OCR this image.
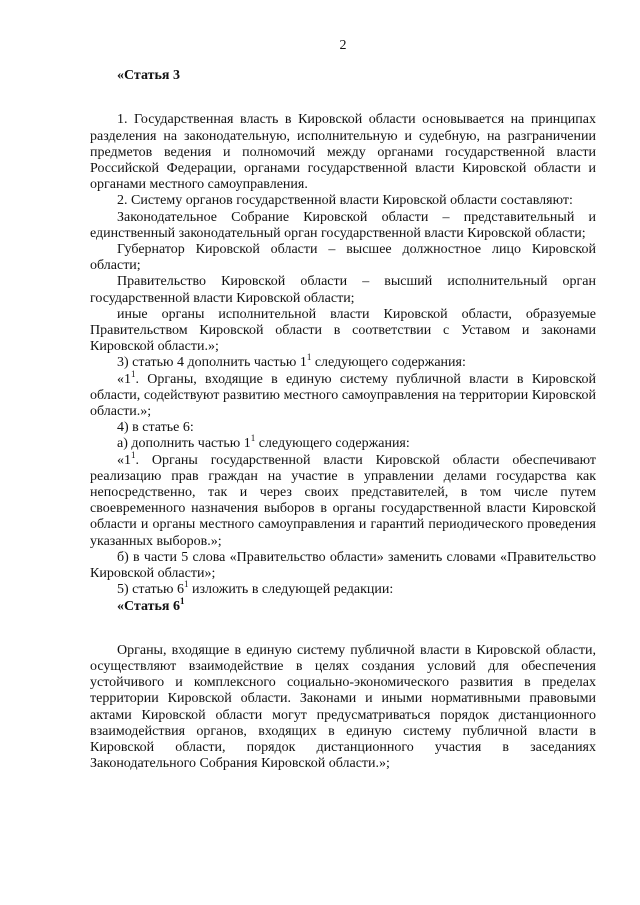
2

«Статья 3

1. Государственная власть в Кировской области основывается на принципах разделения на законодательную, исполнительную и судебную, на разграничении предметов ведения и полномочий между органами государственной власти Российской Федерации, органами государственной власти Кировской области и органами местного самоуправления.

2. Систему органов государственной власти Кировской области составляют:

Законодательное Собрание Кировской области – представительный и единственный законодательный орган государственной власти Кировской области;

Губернатор Кировской области – высшее должностное лицо Кировской области;

Правительство Кировской области – высший исполнительный орган государственной власти Кировской области;

иные органы исполнительной власти Кировской области, образуемые Правительством Кировской области в соответствии с Уставом и законами Кировской области.»;

3) статью 4 дополнить частью $1^1$ следующего содержания:

«$1^1$. Органы, входящие в единую систему публичной власти в Кировской области, содействуют развитию местного самоуправления на территории Кировской области.»;

4) в статье 6:

а) дополнить частью $1^1$ следующего содержания:

«$1^1$. Органы государственной власти Кировской области обеспечивают реализацию прав граждан на участие в управлении делами государства как непосредственно, так и через своих представителей, в том числе путем своевременного назначения выборов в органы государственной власти Кировской области и органы местного самоуправления и гарантий периодического проведения указанных выборов.»;

б) в части 5 слова «Правительство области» заменить словами «Правительство Кировской области»;

5) статью $6^1$ изложить в следующей редакции:

«Статья $6^1$

Органы, входящие в единую систему публичной власти в Кировской области, осуществляют взаимодействие в целях создания условий для обеспечения устойчивого и комплексного социально-экономического развития в пределах территории Кировской области. Законами и иными нормативными правовыми актами Кировской области могут предусматриваться порядок дистанционного взаимодействия органов, входящих в единую систему публичной власти в Кировской области, порядок дистанционного участия в заседаниях Законодательного Собрания Кировской области.»;
